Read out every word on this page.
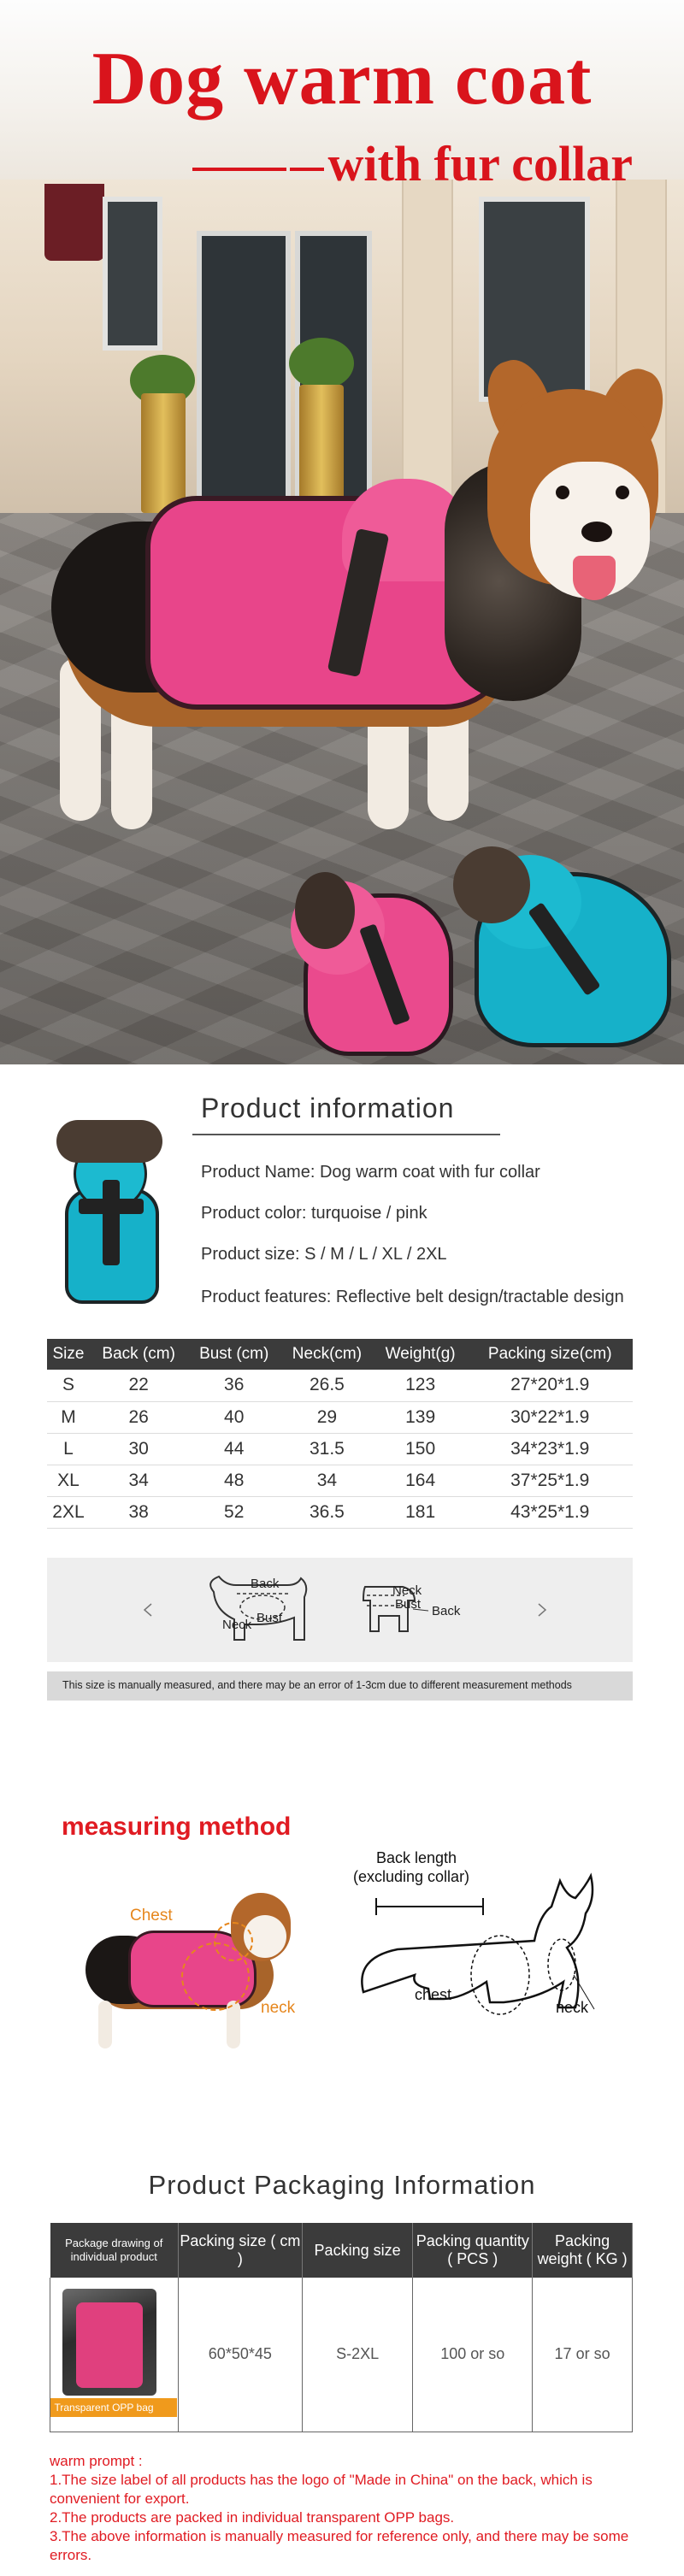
Dog warm coat
with fur collar
Product information
Product Name: Dog warm coat with fur collar
Product color: turquoise / pink
Product size: S / M / L / XL / 2XL
Product features: Reflective belt design/tractable design
Size	Back (cm)	Bust (cm)	Neck(cm)	Weight(g)	Packing size(cm)
S	22	36	26.5	123	27*20*1.9
M	26	40	29	139	30*22*1.9
L	30	44	31.5	150	34*23*1.9
XL	34	48	34	164	37*25*1.9
2XL	38	52	36.5	181	43*25*1.9
Back
Neck Bust
Neck
Bust Back
This size is manually measured, and there may be an error of 1-3cm due to different measurement methods
measuring method
Chest
neck
Back length
(excluding collar)
chest
neck
Product Packaging Information
Package drawing of individual product	Packing size ( cm )	Packing size	Packing quantity ( PCS )	Packing weight ( KG )

Transparent OPP bag	60*50*45	S-2XL	100 or so	17 or so
warm prompt :
1.The size label of all products has the logo of "Made in China" on the back, which is convenient for export.
2.The products are packed in individual transparent OPP bags.
3.The above information is manually measured for reference only, and there may be some errors.
